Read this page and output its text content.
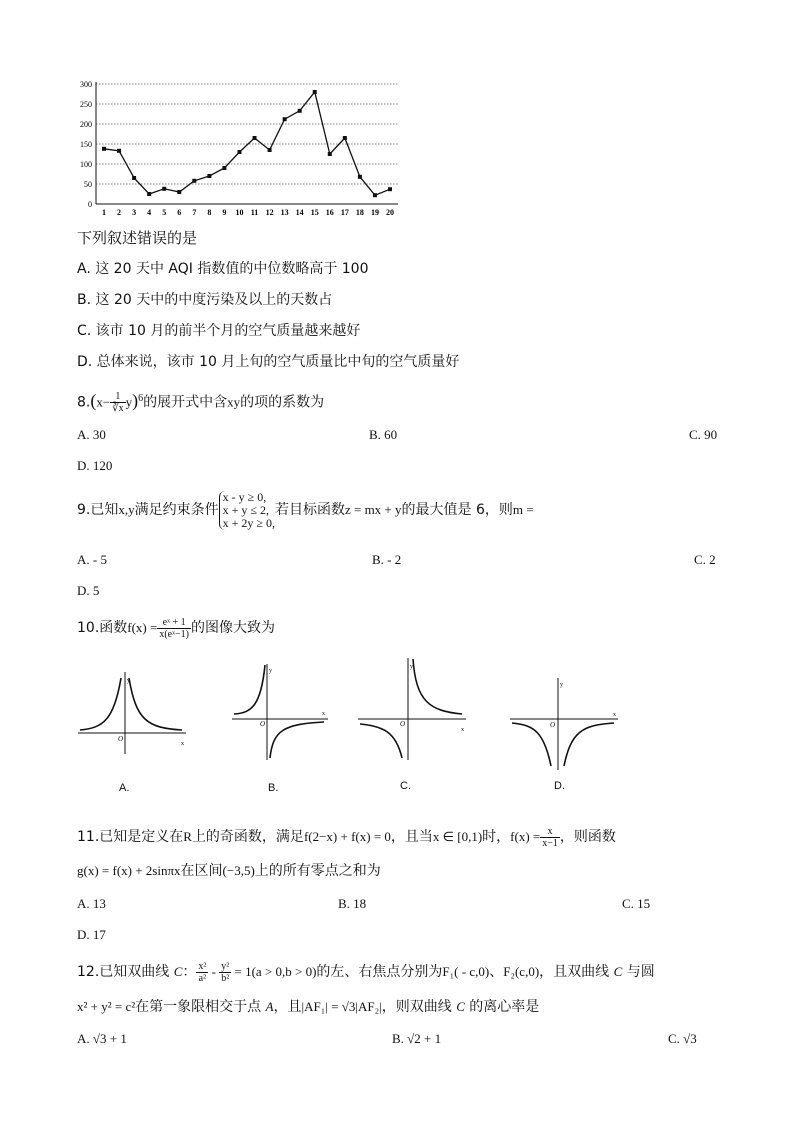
0
50
100
150
200
250
300
1 2 3 4 5 6 7 8 9 10 11 12 13 14 15 16 17 18 19 20
下列叙述错误的是
A. 这 20 天中 AQI 指数值的中位数略高于 100
B. 这 20 天中的中度污染及以上的天数占
C. 该市 10 月的前半个月的空气质量越来越好
D. 总体来说，该市 10 月上旬的空气质量比中旬的空气质量好
$8.(x- \frac{1}{∛x} y)^6$的展开式中含xy的项的系数为
A. 30	B. 60	C. 90
D. 120
9.已知x,y满足约束条件
x - y ≥ 0,
x + y ≤ 2,
x + 2y ≥ 0,
若目标函数z = mx + y的最大值是 6，则m =
A. - 5	B. - 2	C. 2
D. 5
10.函数$f(x) = \frac{\text{eˣ + 1}}{\text{x(eˣ−1)}}$ 的图像大致为
y
x
O
A.
y
x
O
B.
y
x
O
C.
y
x
O
D.
11.已知是定义在R上的奇函数，满足f(2−x) + f(x) = 0，且当x ∈ [0,1)时，$f(x) = \frac{x}{x-1}$ ，则函数
g(x) = f(x) + 2sinπx在区间(−3,5)上的所有零点之和为
A. 13	B. 18	C. 15
D. 17
12.已知双曲线 C： $\frac{\text{x²}}{\text{a²}} - \frac{\text{y²}}{\text{b²}} = 1(a > 0,b > 0)$的左、右焦点分别为F₁( - c,0)、F₂(c,0)，且双曲线 C 与圆
x² + y² = c²在第一象限相交于点 A，且|AF₁| = √3|AF₂|，则双曲线 C 的离心率是
A. √3 + 1	B. √2 + 1	C. √3
